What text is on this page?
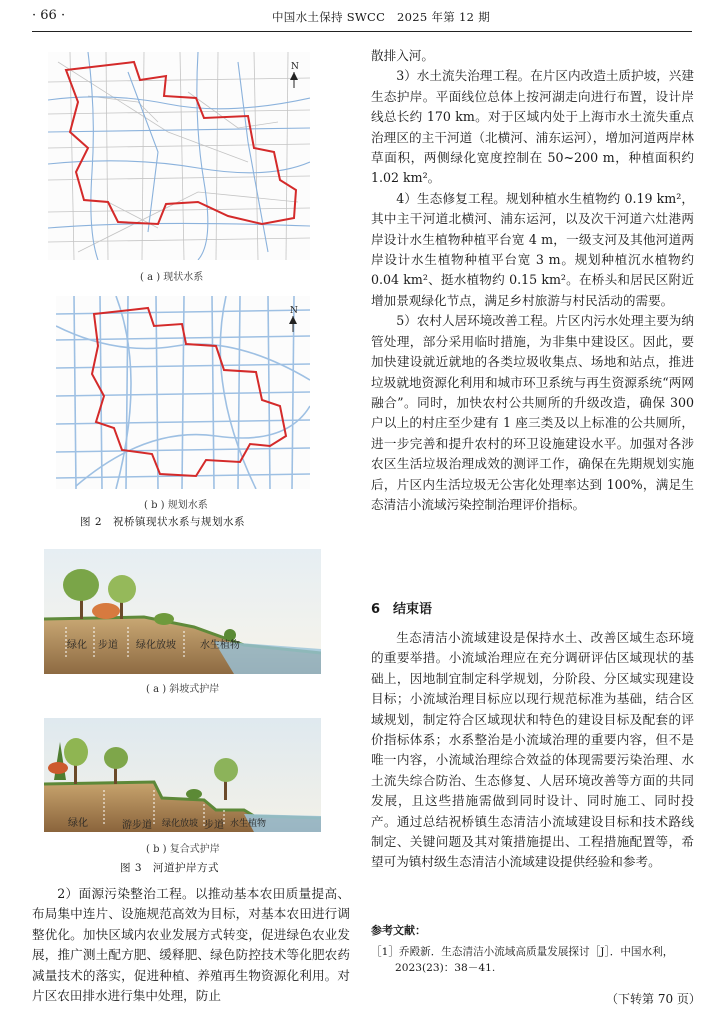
· 66 ·	中国水土保持 SWCC　2025 年第 12 期
N
( a ) 现状水系
N
( b ) 规划水系
图 2　祝桥镇现状水系与规划水系
绿化 步道 绿化放坡 水生植物
( a ) 斜坡式护岸
绿化	游步道 绿化放坡 步道 水生植物
( b ) 复合式护岸
图 3　河道护岸方式
2）面源污染整治工程。以推动基本农田质量提高、布局集中连片、设施规范高效为目标，对基本农田进行调整优化。加快区域内农业发展方式转变，促进绿色农业发展，推广测土配方肥、缓释肥、绿色防控技术等化肥农药减量技术的落实，促进种植、养殖再生物资源化利用。对片区农田排水进行集中处理，防止

散排入河。

3）水土流失治理工程。在片区内改造土质护坡，兴建生态护岸。平面线位总体上按河湖走向进行布置，设计岸线总长约 170 km。对于区域内处于上海市水土流失重点治理区的主干河道（北横河、浦东运河），增加河道两岸林草面积，两侧绿化宽度控制在 50~200 m，种植面积约 1.02 km²。

4）生态修复工程。规划种植水生植物约 0.19 km²，其中主干河道北横河、浦东运河，以及次干河道六灶港两岸设计水生植物种植平台宽 4 m，一级支河及其他河道两岸设计水生植物种植平台宽 3 m。规划种植沉水植物约 0.04 km²、挺水植物约 0.15 km²。在桥头和居民区附近增加景观绿化节点，满足乡村旅游与村民活动的需要。

5）农村人居环境改善工程。片区内污水处理主要为纳管处理，部分采用临时措施，为非集中建设区。因此，要加快建设就近就地的各类垃圾收集点、场地和站点，推进垃圾就地资源化利用和城市环卫系统与再生资源系统“两网融合”。同时，加快农村公共厕所的升级改造，确保 300 户以上的村庄至少建有 1 座三类及以上标准的公共厕所，进一步完善和提升农村的环卫设施建设水平。加强对各涉农区生活垃圾治理成效的测评工作，确保在先期规划实施后，片区内生活垃圾无公害化处理率达到 100%，满足生态清洁小流域污染控制治理评价指标。

6　结束语

生态清洁小流域建设是保持水土、改善区域生态环境的重要举措。小流域治理应在充分调研评估区域现状的基础上，因地制宜制定科学规划，分阶段、分区域实现建设目标；小流域治理目标应以现行规范标准为基础，结合区域规划，制定符合区域现状和特色的建设目标及配套的评价指标体系；水系整治是小流域治理的重要内容，但不是唯一内容，小流域治理综合效益的体现需要污染治理、水土流失综合防治、生态修复、人居环境改善等方面的共同发展，且这些措施需做到同时设计、同时施工、同时投产。通过总结祝桥镇生态清洁小流域建设目标和技术路线制定、关键问题及其对策措施提出、工程措施配置等，希望可为镇村级生态清洁小流域建设提供经验和参考。

参考文献：
［1］乔殿新．生态清洁小流域高质量发展探讨［J］．中国水利，2023(23)：38－41.
（下转第 70 页）
